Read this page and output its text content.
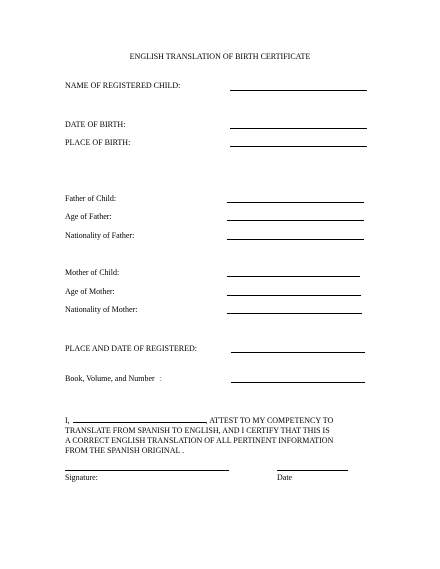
ENGLISH TRANSLATION OF BIRTH CERTIFICATE
NAME OF REGISTERED CHILD:
DATE OF BIRTH:
PLACE OF BIRTH:
Father of Child:
Age of Father:
Nationality of Father:
Mother of Child:
Age of Mother:
Nationality of Mother:
PLACE AND DATE OF REGISTERED:
Book, Volume, and Number :
I,	, ATTEST TO MY COMPETENCY TO
TRANSLATE FROM SPANISH TO ENGLISH, AND I CERTIFY THAT THIS IS
A CORRECT ENGLISH TRANSLATION OF ALL PERTINENT INFORMATION
FROM THE SPANISH ORIGINAL .
Signature:	Date
